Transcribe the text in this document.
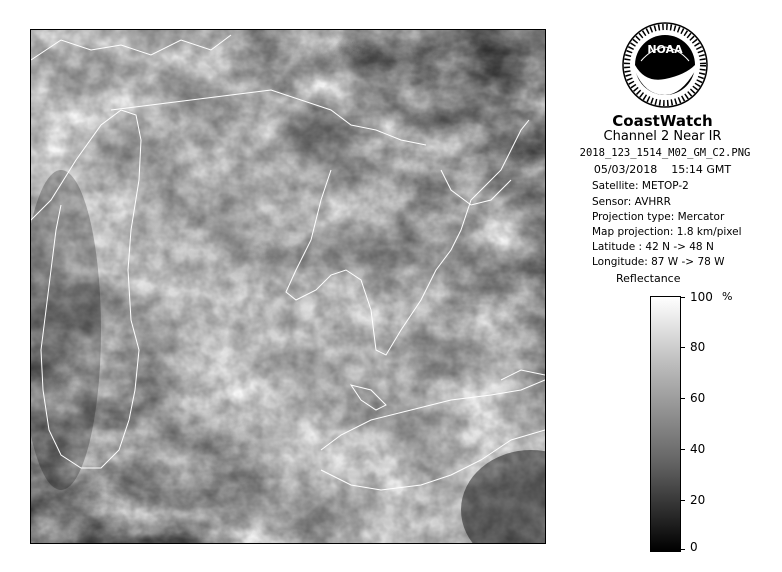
NOAA
CoastWatch
Channel 2 Near IR
2018_123_1514_M02_GM_C2.PNG
05/03/2018    15:14 GMT
Satellite: METOP-2
Sensor: AVHRR
Projection type: Mercator
Map projection: 1.8 km/pixel
Latitude : 42 N -> 48 N
Longitude: 87 W -> 78 W
Reflectance
%
100
80
60
40
20
0
